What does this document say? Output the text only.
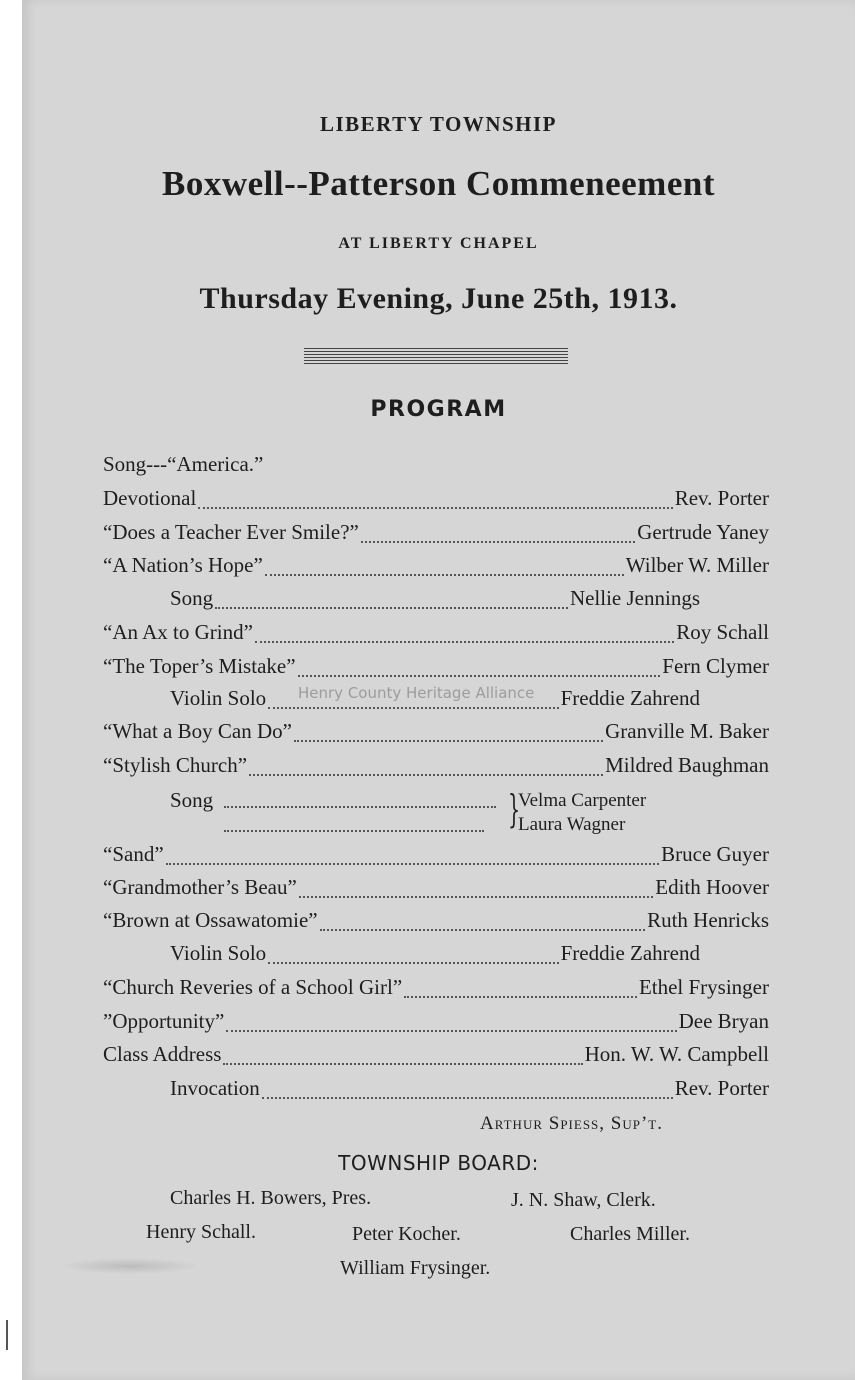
LIBERTY TOWNSHIP
Boxwell--Patterson Commeneement
AT LIBERTY CHAPEL
Thursday Evening, June 25th, 1913.
PROGRAM
Song---“America.”
Devotional	Rev. Porter
“Does a Teacher Ever Smile?”	Gertrude Yaney
“A Nation’s Hope”	Wilber W. Miller
Song	Nellie Jennings
“An Ax to Grind”	Roy Schall
“The Toper’s Mistake”	Fern Clymer
Violin Solo	Freddie Zahrend
“What a Boy Can Do”	Granville M. Baker
“Stylish Church”	Mildred Baughman
Song	}
Velma Carpenter
Laura Wagner
“Sand”	Bruce Guyer
“Grandmother’s Beau”	Edith Hoover
“Brown at Ossawatomie”	Ruth Henricks
Violin Solo	Freddie Zahrend
“Church Reveries of a School Girl”	Ethel Frysinger
”Opportunity”	Dee Bryan
Class Address	Hon. W. W. Campbell
Invocation	Rev. Porter
Arthur Spiess, Sup’t.
TOWNSHIP BOARD:
Charles H. Bowers, Pres.	J. N. Shaw, Clerk.
Henry Schall.	Peter Kocher.	Charles Miller.
William Frysinger.
Henry County Heritage Alliance
